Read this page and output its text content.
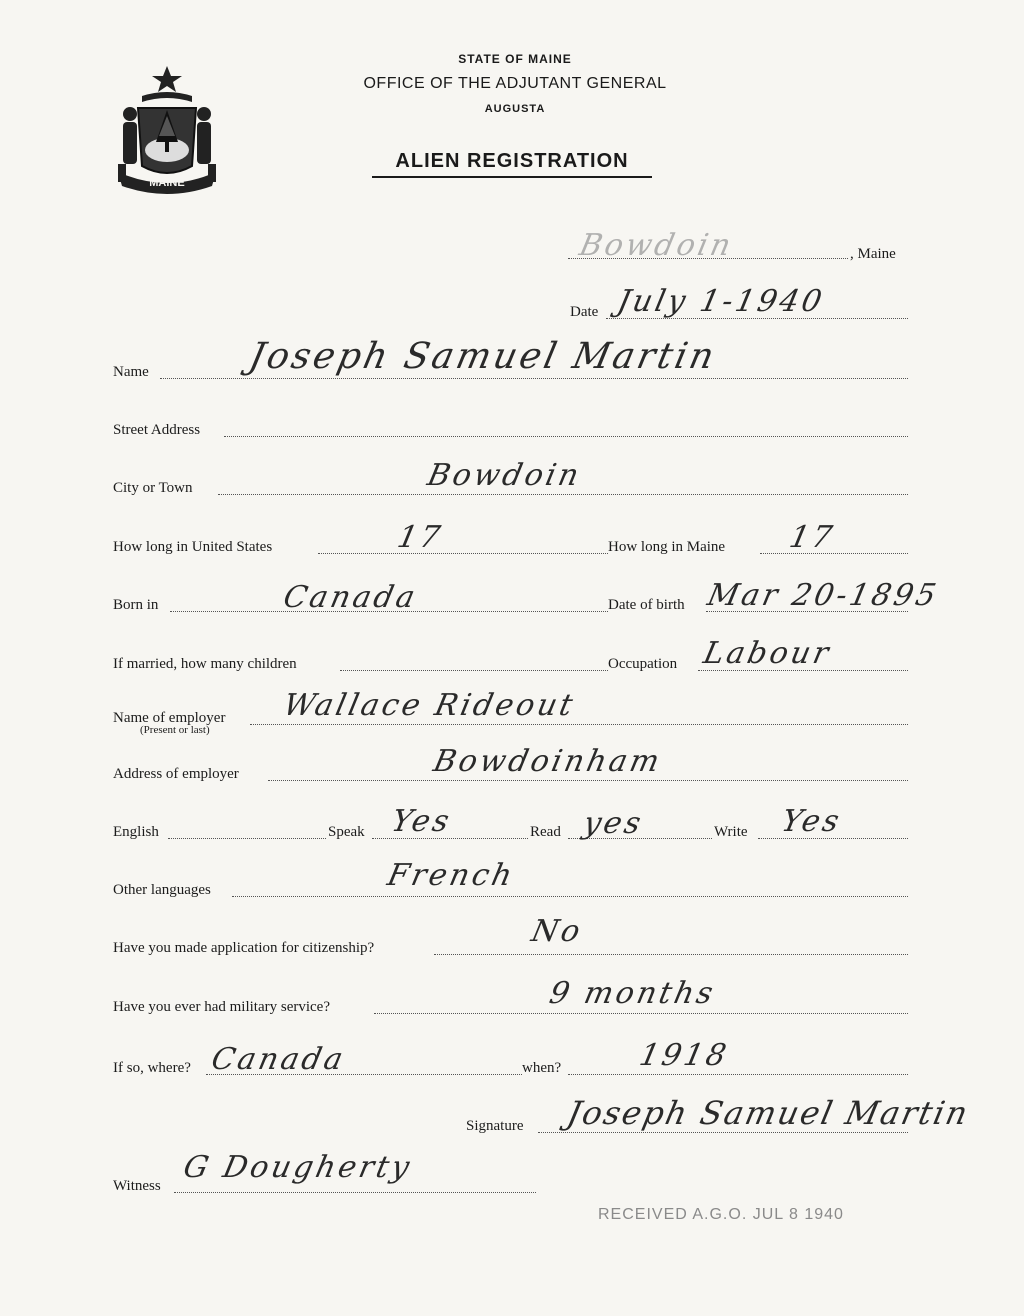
MAINE
STATE OF MAINE
OFFICE OF THE ADJUTANT GENERAL
AUGUSTA
ALIEN REGISTRATION
Bowdoin	, Maine
Date July 1-1940
Name	Joseph Samuel Martin
Street Address
City or Town	Bowdoin
How long in United States	17	How long in Maine 17
Born in	Canada	Date of birth Mar 20-1895
If married, how many children	Occupation Labour
Name of employer
(Present or last)
Wallace Rideout
Address of employer	Bowdoinham
English	Speak Yes	Read yes	Write Yes
Other languages	French
Have you made application for citizenship?	No
Have you ever had military service?	9 months
If so, where? Canada	when?	1918
Signature Joseph Samuel Martin
Witness
G Dougherty
RECEIVED A.G.O. JUL 8 1940
